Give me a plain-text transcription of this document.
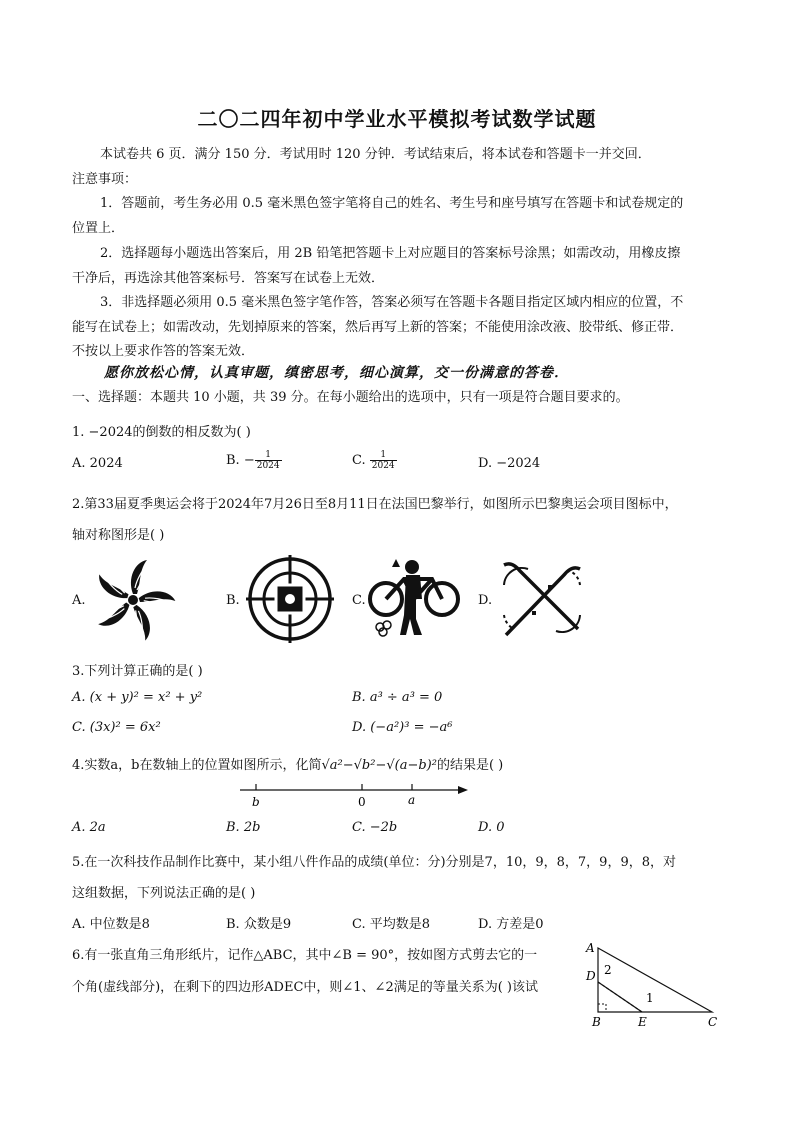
二〇二四年初中学业水平模拟考试数学试题
本试卷共 6 页．满分 150 分．考试用时 120 分钟．考试结束后，将本试卷和答题卡一并交回．
注意事项：
1．答题前，考生务必用 0.5 毫米黑色签字笔将自己的姓名、考生号和座号填写在答题卡和试卷规定的
位置上．
2．选择题每小题选出答案后，用 2B 铅笔把答题卡上对应题目的答案标号涂黑；如需改动，用橡皮擦
干净后，再选涂其他答案标号．答案写在试卷上无效．
3．非选择题必须用 0.5 毫米黑色签字笔作答，答案必须写在答题卡各题目指定区域内相应的位置，不
能写在试卷上；如需改动，先划掉原来的答案，然后再写上新的答案；不能使用涂改液、胶带纸、修正带．
不按以上要求作答的答案无效．
愿你放松心情，认真审题，缜密思考，细心演算，交一份满意的答卷．
一、选择题：本题共 10 小题，共 39 分。在每小题给出的选项中，只有一项是符合题目要求的。
1. −2024的倒数的相反数为( )
A. 2024	B. − $\frac{1}{2024}$	C. $\frac{1}{2024}$	D. −2024
2.第33届夏季奥运会将于2024年7月26日至8月11日在法国巴黎举行，如图所示巴黎奥运会项目图标中，
轴对称图形是( )
A.	B.	C.	D.
3.下列计算正确的是( )
A. (x + y)² = x² + y²	B. a³ ÷ a³ = 0
C. (3x)² = 6x²	D. (−a²)³ = −a⁶
4.实数a，b在数轴上的位置如图所示，化简√a²−√b²−√(a−b)²的结果是( )
b	0	a
A. 2a	B. 2b	C. −2b	D. 0
5.在一次科技作品制作比赛中，某小组八件作品的成绩(单位：分)分别是7，10，9，8，7，9，9，8，对
这组数据，下列说法正确的是( )
A. 中位数是8	B. 众数是9	C. 平均数是8	D. 方差是0
6.有一张直角三角形纸片，记作△ABC，其中∠B = 90°，按如图方式剪去它的一
个角(虚线部分)，在剩下的四边形ADEC中，则∠1、∠2满足的等量关系为( )该试
A
D 2
1
B	E	C
